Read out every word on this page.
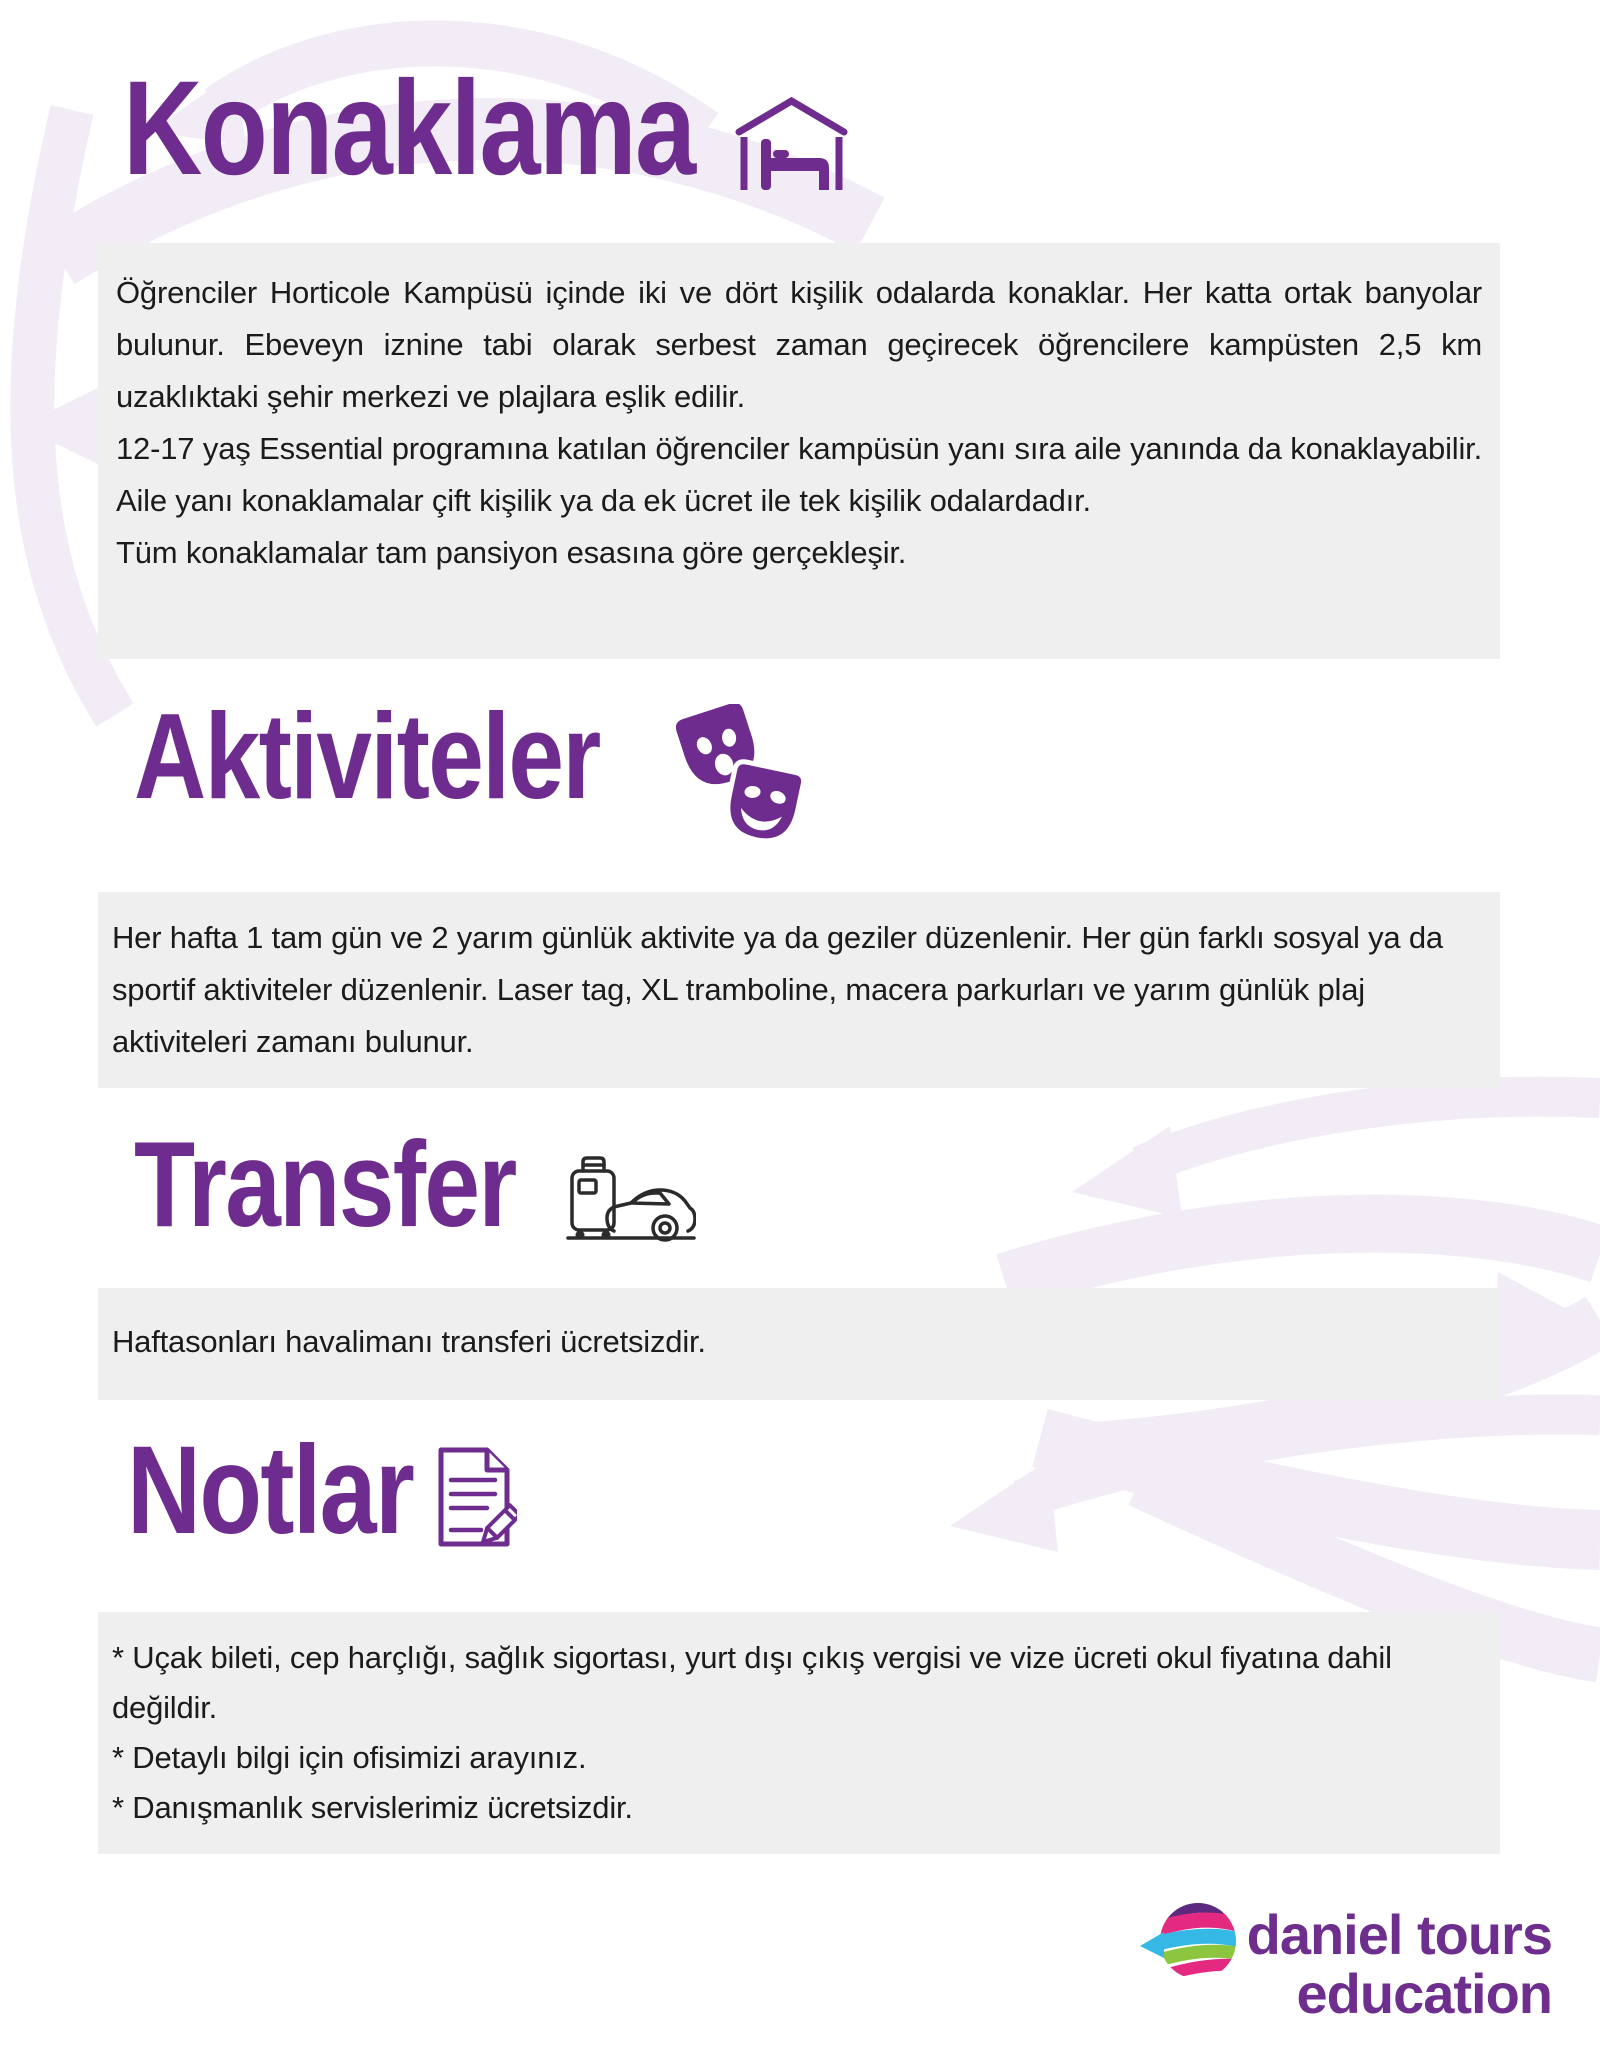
Konaklama

Öğrenciler Horticole Kampüsü içinde iki ve dört kişilik odalarda konaklar. Her katta ortak banyolar bulunur. Ebeveyn iznine tabi olarak serbest zaman geçirecek öğrencilere kampüsten 2,5 km uzaklıktaki şehir merkezi ve plajlara eşlik edilir.

12-17 yaş Essential programına katılan öğrenciler kampüsün yanı sıra aile yanında da konaklayabilir. Aile yanı konaklamalar çift kişilik ya da ek ücret ile tek kişilik odalardadır.

Tüm konaklamalar tam pansiyon esasına göre gerçekleşir.

Aktiviteler

Her hafta 1 tam gün ve 2 yarım günlük aktivite ya da geziler düzenlenir. Her gün farklı sosyal ya da sportif aktiviteler düzenlenir. Laser tag, XL tramboline, macera parkurları ve yarım günlük plaj aktiviteleri zamanı bulunur.

Transfer

Haftasonları havalimanı transferi ücretsizdir.

Notlar

* Uçak bileti, cep harçlığı, sağlık sigortası, yurt dışı çıkış vergisi ve vize ücreti okul fiyatına dahil değildir.

* Detaylı bilgi için ofisimizi arayınız.

* Danışmanlık servislerimiz ücretsizdir.

daniel tours
education
